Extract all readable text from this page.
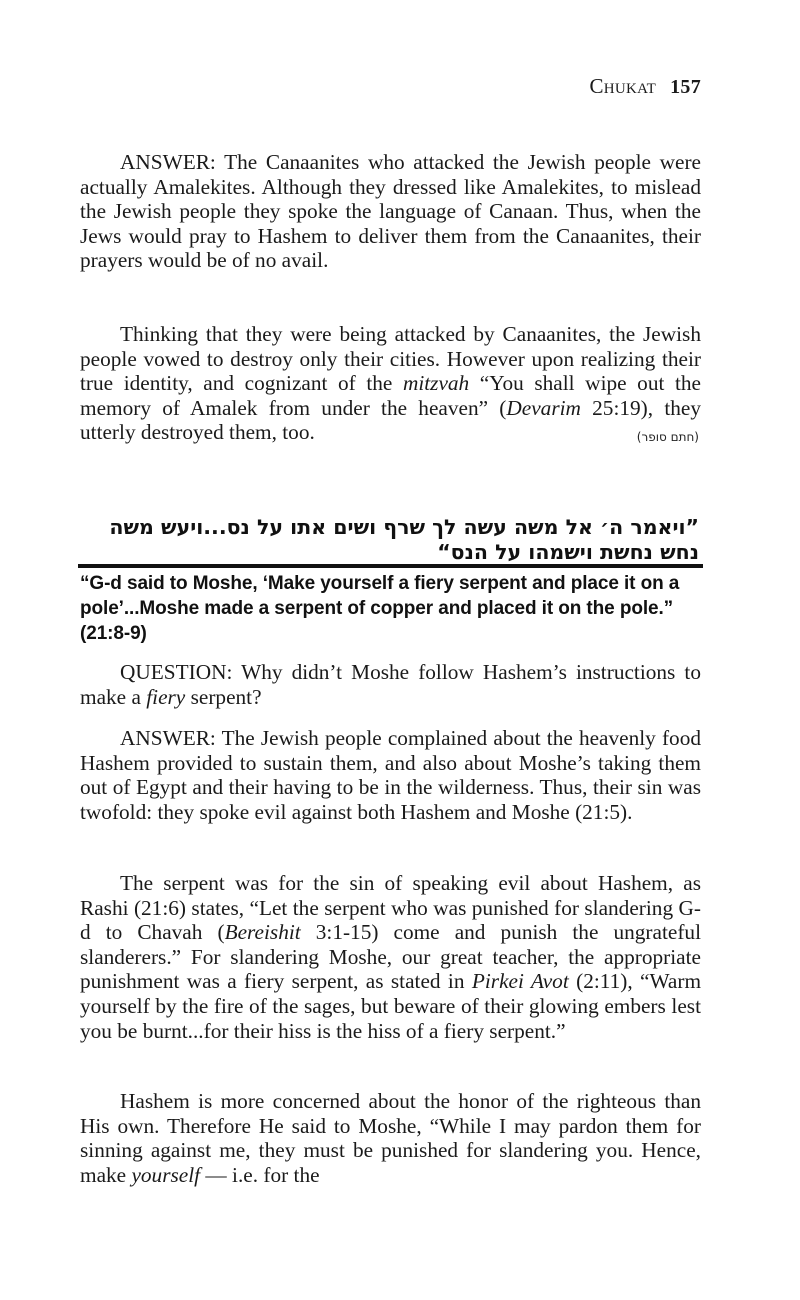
Chukat 157

ANSWER: The Canaanites who attacked the Jewish people were actually Amalekites. Although they dressed like Amalekites, to mislead the Jewish people they spoke the language of Canaan. Thus, when the Jews would pray to Hashem to deliver them from the Canaanites, their prayers would be of no avail.

Thinking that they were being attacked by Canaanites, the Jewish people vowed to destroy only their cities. However upon realizing their true identity, and cognizant of the mitzvah “You shall wipe out the memory of Amalek from under the heaven” (Devarim 25:19), they utterly destroyed them, too.	(חתם סופר)
”ויאמר ה׳ אל משה עשה לך שרף ושים אתו על נס...ויעש משה נחש נחשת וישמהו על הנס“
“G-d said to Moshe, ‘Make yourself a fiery serpent and place it on a pole’...Moshe made a serpent of copper and placed it on the pole.” (21:8-9)

QUESTION: Why didn’t Moshe follow Hashem’s instructions to make a fiery serpent?

ANSWER: The Jewish people complained about the heavenly food Hashem provided to sustain them, and also about Moshe’s taking them out of Egypt and their having to be in the wilderness. Thus, their sin was twofold: they spoke evil against both Hashem and Moshe (21:5).

The serpent was for the sin of speaking evil about Hashem, as Rashi (21:6) states, “Let the serpent who was punished for slandering G-d to Chavah (Bereishit 3:1-15) come and punish the ungrateful slanderers.” For slandering Moshe, our great teacher, the appropriate punishment was a fiery serpent, as stated in Pirkei Avot (2:11), “Warm yourself by the fire of the sages, but beware of their glowing embers lest you be burnt...for their hiss is the hiss of a fiery serpent.”

Hashem is more concerned about the honor of the righteous than His own. Therefore He said to Moshe, “While I may pardon them for sinning against me, they must be punished for slandering you. Hence, make yourself — i.e. for the
